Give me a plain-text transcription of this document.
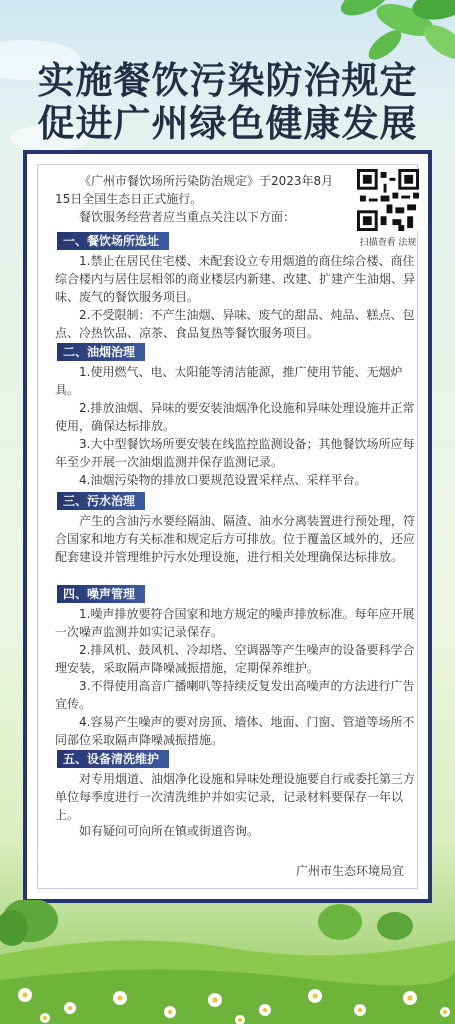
实施餐饮污染防治规定
促进广州绿色健康发展
《广州市餐饮场所污染防治规定》于2023年8月15日全国生态日正式施行。
餐饮服务经营者应当重点关注以下方面：
扫描查看 法规
一、餐饮场所选址
1.禁止在居民住宅楼、未配套设立专用烟道的商住综合楼、商住综合楼内与居住层相邻的商业楼层内新建、改建、扩建产生油烟、异味、废气的餐饮服务项目。
2.不受限制：不产生油烟、异味、废气的甜品、炖品、糕点、包点、冷热饮品、凉茶、食品复热等餐饮服务项目。
二、油烟治理
1.使用燃气、电、太阳能等清洁能源，推广使用节能、无烟炉具。
2.排放油烟、异味的要安装油烟净化设施和异味处理设施并正常使用，确保达标排放。
3.大中型餐饮场所要安装在线监控监测设备；其他餐饮场所应每年至少开展一次油烟监测并保存监测记录。
4.油烟污染物的排放口要规范设置采样点、采样平台。
三、污水治理
产生的含油污水要经隔油、隔渣、油水分离装置进行预处理，符合国家和地方有关标准和规定后方可排放。位于覆盖区域外的，还应配套建设并管理维护污水处理设施，进行相关处理确保达标排放。
四、噪声管理
1.噪声排放要符合国家和地方规定的噪声排放标准。每年应开展一次噪声监测并如实记录保存。
2.排风机、鼓风机、冷却塔、空调器等产生噪声的设备要科学合理安装，采取隔声降噪减振措施，定期保养维护。
3.不得使用高音广播喇叭等持续反复发出高噪声的方法进行广告宣传。
4.容易产生噪声的要对房顶、墙体、地面、门窗、管道等场所不同部位采取隔声降噪减振措施。
五、设备清洗维护
对专用烟道、油烟净化设施和异味处理设施要自行或委托第三方单位每季度进行一次清洗维护并如实记录，记录材料要保存一年以上。
如有疑问可向所在镇或街道咨询。
广州市生态环境局宣
